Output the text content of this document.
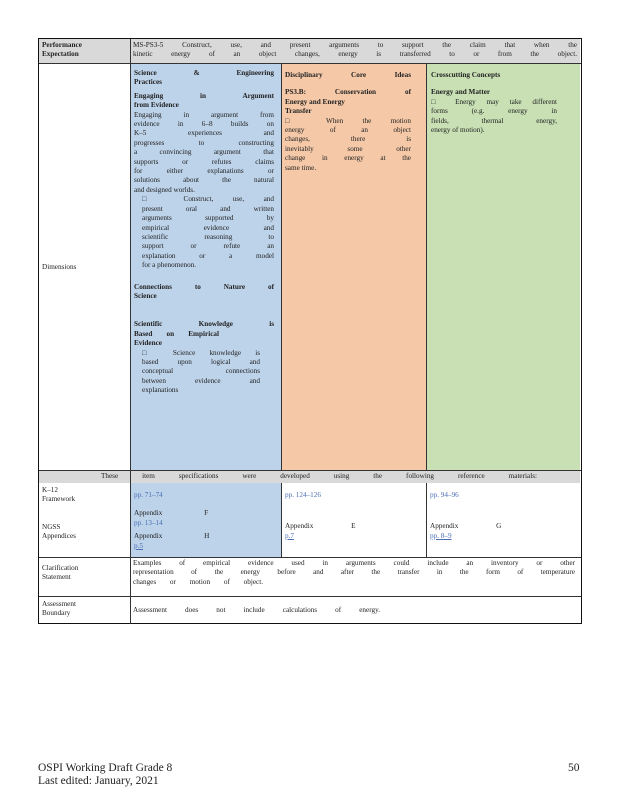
Performance
Expectation
MS-PS3-5 Construct, use, and present arguments to support the claim that when the
kinetic energy of an object changes, energy is transferred to or from the object.
Dimensions
Science & Engineering
Practices
Engaging in Argument
from Evidence
Engaging in argument from
evidence in 6–8 builds on
K–5 experiences and
progresses to constructing
a convincing argument that
supports or refutes claims
for either explanations or
solutions about the natural
and designed worlds.
□ Construct, use, and
present oral and written
arguments supported by
empirical evidence and
scientific reasoning to
support or refute an
explanation or a model
for a phenomenon.
Connections to Nature of
Science
Scientific Knowledge is
Based on Empirical
Evidence
□ Science knowledge is
based upon logical and
conceptual connections
between evidence and
explanations
Disciplinary Core Ideas
PS3.B: Conservation of
Energy and Energy
Transfer
□ When the motion
energy of an object
changes, there is
inevitably some other
change in energy at the
same time.
Crosscutting Concepts
Energy and Matter
□ Energy may take different
forms (e.g. energy in
fields, thermal energy,
energy of motion).
These item specifications were developed using the following reference materials:
K–12
Framework
NGSS
Appendices
pp. 71–74
Appendix F
pp. 13–14
Appendix H
p.5
pp. 124–126
Appendix E
p.7
pp. 94–96
Appendix G
pp. 8–9
Clarification
Statement
Examples of empirical evidence used in arguments could include an inventory or other
representation of the energy before and after the transfer in the form of temperature
changes or motion of object.
Assessment
Boundary	Assessment does not include calculations of energy.
OSPI Working Draft Grade 8
Last edited: January, 2021
50
